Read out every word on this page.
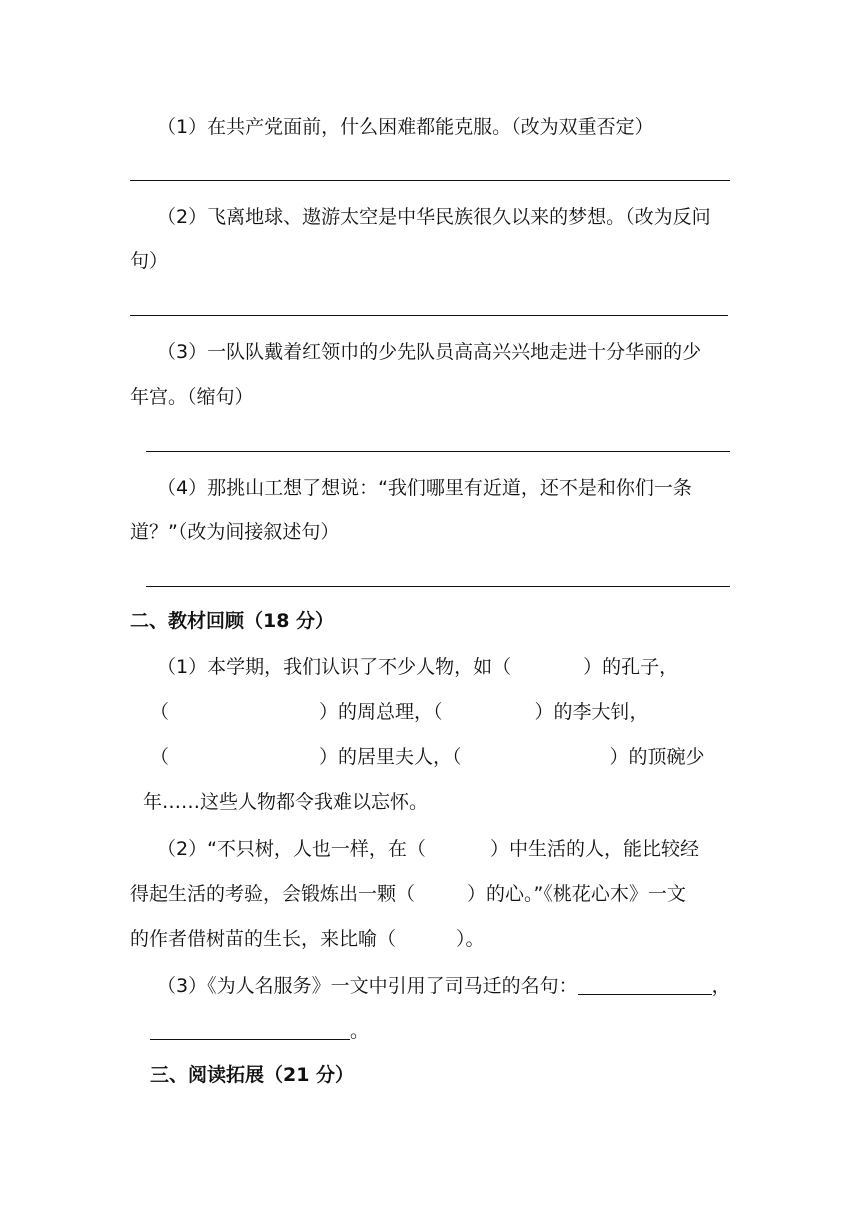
（1）在共产党面前，什么困难都能克服。（改为双重否定）
（2）飞离地球、遨游太空是中华民族很久以来的梦想。（改为反问
句）
（3）一队队戴着红领巾的少先队员高高兴兴地走进十分华丽的少
年宫。（缩句）
（4）那挑山工想了想说：“我们哪里有近道，还不是和你们一条
道？”（改为间接叙述句）
二、教材回顾（18 分）
（1）本学期，我们认识了不少人物，如（	）的孔子，
（	）的周总理，（	）的李大钊，
（	）的居里夫人，（	）的顶碗少
年……这些人物都令我难以忘怀。
（2）“不只树，人也一样，在（	）中生活的人，能比较经
得起生活的考验，会锻炼出一颗（	）的心。”《桃花心木》一文
的作者借树苗的生长，来比喻（	）。
（3）《为人名服务》一文中引用了司马迁的名句：	，
。
三、阅读拓展（21 分）
